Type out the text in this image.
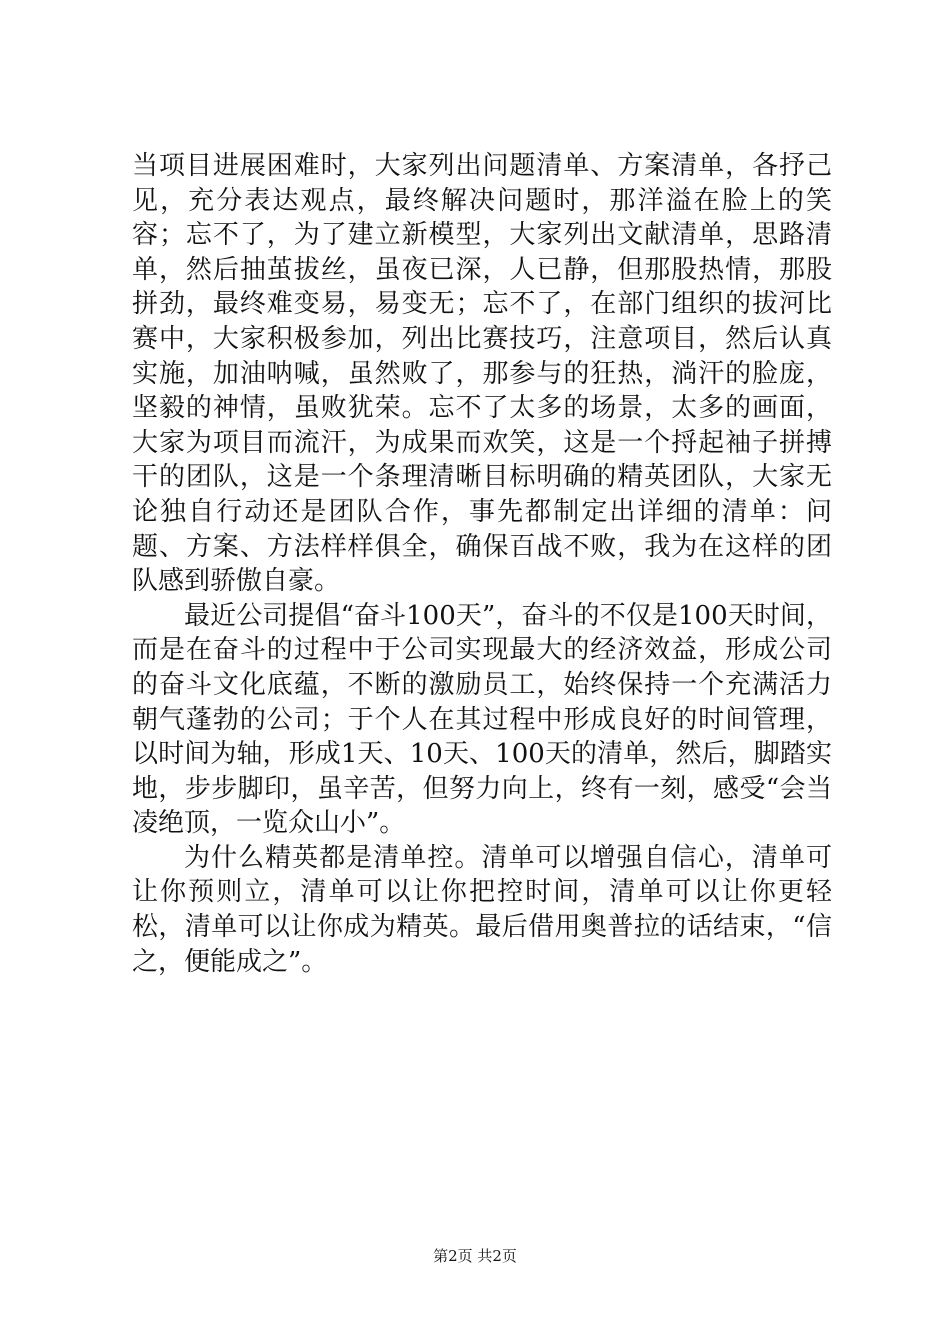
当项目进展困难时，大家列出问题清单、方案清单，各抒己见，充分表达观点，最终解决问题时，那洋溢在脸上的笑容；忘不了，为了建立新模型，大家列出文献清单，思路清单，然后抽茧拔丝，虽夜已深，人已静，但那股热情，那股拼劲，最终难变易，易变无；忘不了，在部门组织的拔河比赛中，大家积极参加，列出比赛技巧，注意项目，然后认真实施，加油呐喊，虽然败了，那参与的狂热，淌汗的脸庞，坚毅的神情，虽败犹荣。忘不了太多的场景，太多的画面，大家为项目而流汗，为成果而欢笑，这是一个捋起袖子拼搏干的团队，这是一个条理清晰目标明确的精英团队，大家无论独自行动还是团队合作，事先都制定出详细的清单：问题、方案、方法样样俱全，确保百战不败，我为在这样的团队感到骄傲自豪。

最近公司提倡“奋斗100天”，奋斗的不仅是100天时间，而是在奋斗的过程中于公司实现最大的经济效益，形成公司的奋斗文化底蕴，不断的激励员工，始终保持一个充满活力朝气蓬勃的公司；于个人在其过程中形成良好的时间管理，以时间为轴，形成1天、10天、100天的清单，然后，脚踏实地，步步脚印，虽辛苦，但努力向上，终有一刻，感受“会当凌绝顶，一览众山小”。

为什么精英都是清单控。清单可以增强自信心，清单可让你预则立，清单可以让你把控时间，清单可以让你更轻松，清单可以让你成为精英。最后借用奥普拉的话结束，“信之，便能成之”。

第2页 共2页
